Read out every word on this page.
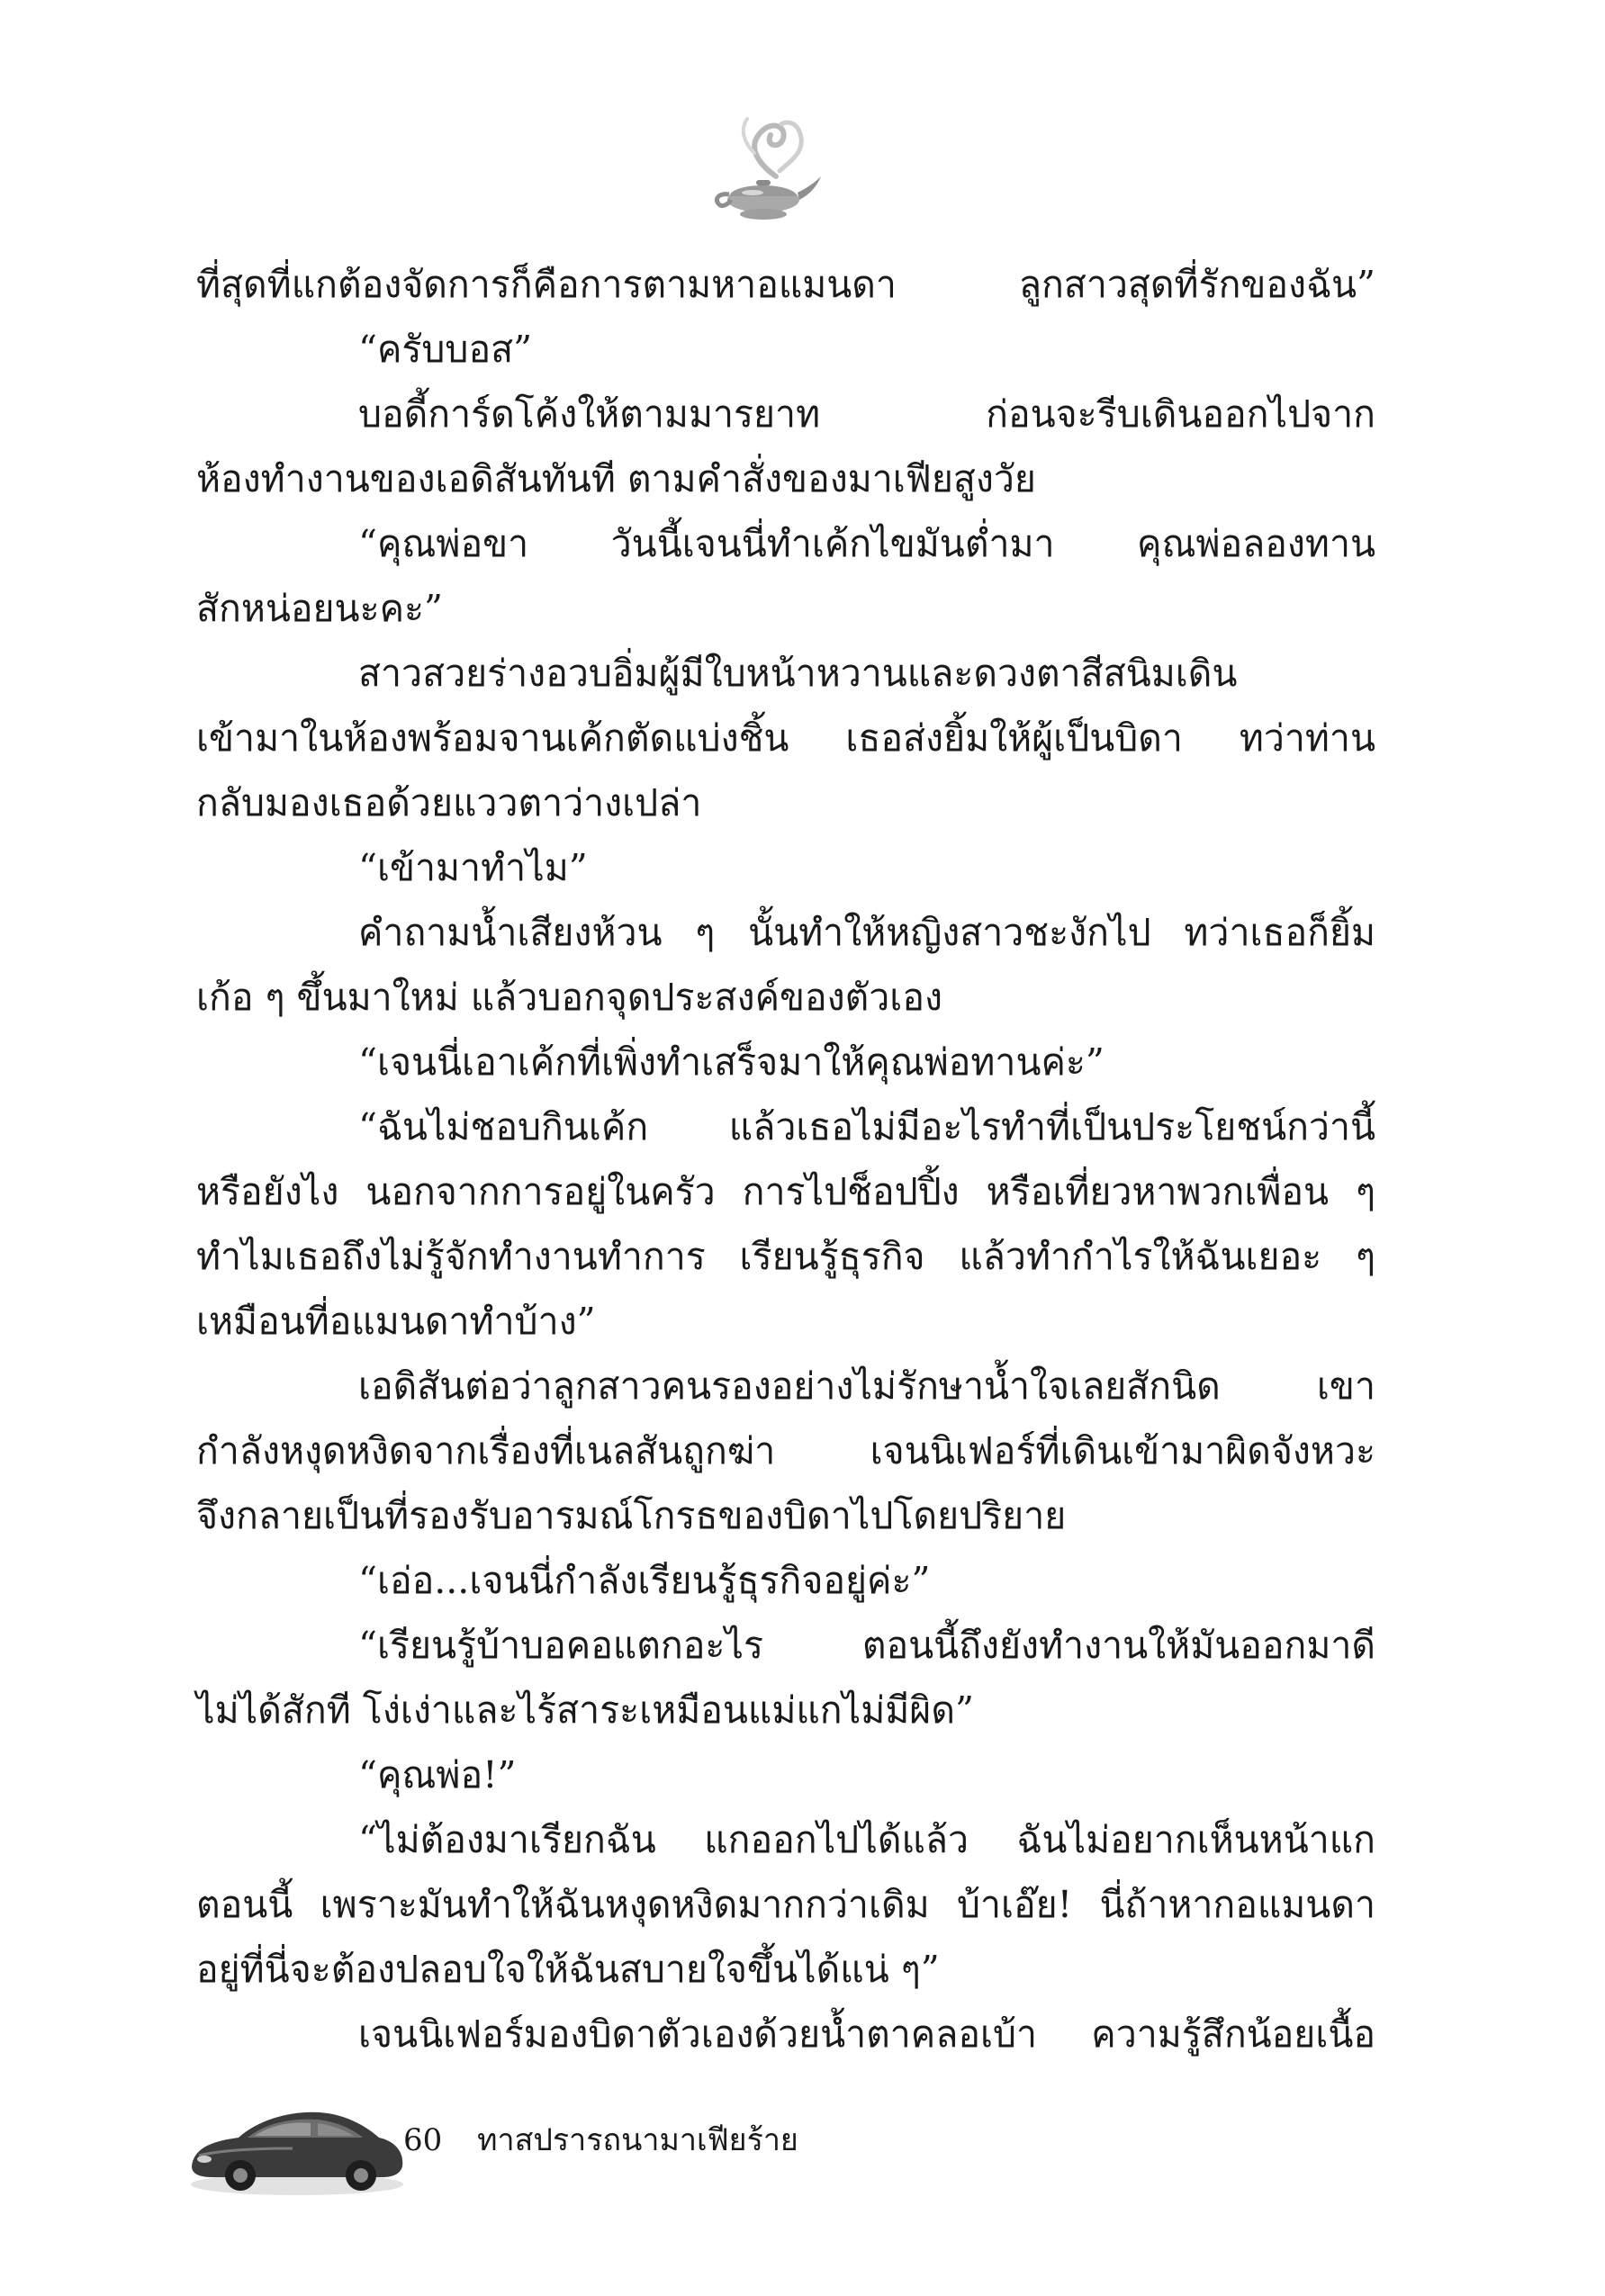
ที่สุดที่แกต้องจัดการก็คือการตามหาอแมนดา ลูกสาวสุดที่รักของฉัน”
“ครับบอส”
บอดี้การ์ดโค้งให้ตามมารยาท ก่อนจะรีบเดินออกไปจาก
ห้องทำงานของเอดิสันทันที ตามคำสั่งของมาเฟียสูงวัย
“คุณพ่อขา วันนี้เจนนี่ทำเค้กไขมันต่ำมา คุณพ่อลองทาน
สักหน่อยนะคะ”
สาวสวยร่างอวบอิ่มผู้มีใบหน้าหวานและดวงตาสีสนิมเดิน
เข้ามาในห้องพร้อมจานเค้กตัดแบ่งชิ้น เธอส่งยิ้มให้ผู้เป็นบิดา ทว่าท่าน
กลับมองเธอด้วยแววตาว่างเปล่า
“เข้ามาทำไม”
คำถามน้ำเสียงห้วน ๆ นั้นทำให้หญิงสาวชะงักไป ทว่าเธอก็ยิ้ม
เก้อ ๆ ขึ้นมาใหม่ แล้วบอกจุดประสงค์ของตัวเอง
“เจนนี่เอาเค้กที่เพิ่งทำเสร็จมาให้คุณพ่อทานค่ะ”
“ฉันไม่ชอบกินเค้ก แล้วเธอไม่มีอะไรทำที่เป็นประโยชน์กว่านี้
หรือยังไง นอกจากการอยู่ในครัว การไปช็อปปิ้ง หรือเที่ยวหาพวกเพื่อน ๆ
ทำไมเธอถึงไม่รู้จักทำงานทำการ เรียนรู้ธุรกิจ แล้วทำกำไรให้ฉันเยอะ ๆ
เหมือนที่อแมนดาทำบ้าง”
เอดิสันต่อว่าลูกสาวคนรองอย่างไม่รักษาน้ำใจเลยสักนิด เขา
กำลังหงุดหงิดจากเรื่องที่เนลสันถูกฆ่า เจนนิเฟอร์ที่เดินเข้ามาผิดจังหวะ
จึงกลายเป็นที่รองรับอารมณ์โกรธของบิดาไปโดยปริยาย
“เอ่อ...เจนนี่กำลังเรียนรู้ธุรกิจอยู่ค่ะ”
“เรียนรู้บ้าบอคอแตกอะไร ตอนนี้ถึงยังทำงานให้มันออกมาดี
ไม่ได้สักที โง่เง่าและไร้สาระเหมือนแม่แกไม่มีผิด”
“คุณพ่อ!”
“ไม่ต้องมาเรียกฉัน แกออกไปได้แล้ว ฉันไม่อยากเห็นหน้าแก
ตอนนี้ เพราะมันทำให้ฉันหงุดหงิดมากกว่าเดิม บ้าเอ๊ย! นี่ถ้าหากอแมนดา
อยู่ที่นี่จะต้องปลอบใจให้ฉันสบายใจขึ้นได้แน่ ๆ”
เจนนิเฟอร์มองบิดาตัวเองด้วยน้ำตาคลอเบ้า ความรู้สึกน้อยเนื้อ
60 ทาสปรารถนามาเฟียร้าย
